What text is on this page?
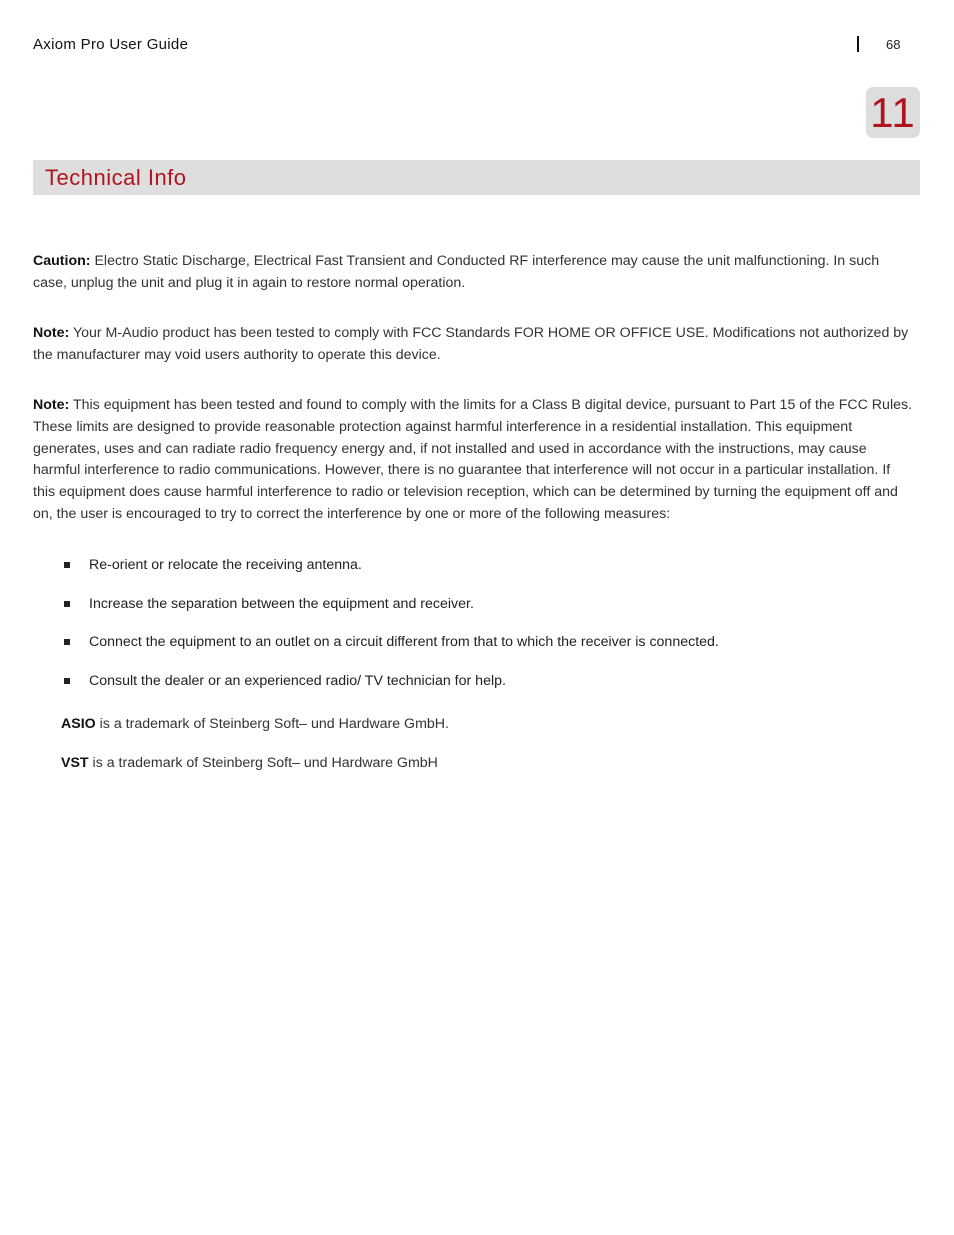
Axiom Pro User Guide	68
11
Technical Info

Caution: Electro Static Discharge, Electrical Fast Transient and Conducted RF interference may cause the unit malfunctioning. In such case, unplug the unit and plug it in again to restore normal operation.

Note: Your M-Audio product has been tested to comply with FCC Standards FOR HOME OR OFFICE USE. Modifications not authorized by the manufacturer may void users authority to operate this device.

Note: This equipment has been tested and found to comply with the limits for a Class B digital device, pursuant to Part 15 of the FCC Rules. These limits are designed to provide reasonable protection against harmful interference in a residential installation. This equipment generates, uses and can radiate radio frequency energy and, if not installed and used in accordance with the instructions, may cause harmful interference to radio communications. However, there is no guarantee that interference will not occur in a particular installation. If this equipment does cause harmful interference to radio or television reception, which can be determined by turning the equipment off and on, the user is encouraged to try to correct the interference by one or more of the following measures:

Re-orient or relocate the receiving antenna.
Increase the separation between the equipment and receiver.
Connect the equipment to an outlet on a circuit different from that to which the receiver is connected.
Consult the dealer or an experienced radio/ TV technician for help.

ASIO is a trademark of Steinberg Soft– und Hardware GmbH.

VST is a trademark of Steinberg Soft– und Hardware GmbH
